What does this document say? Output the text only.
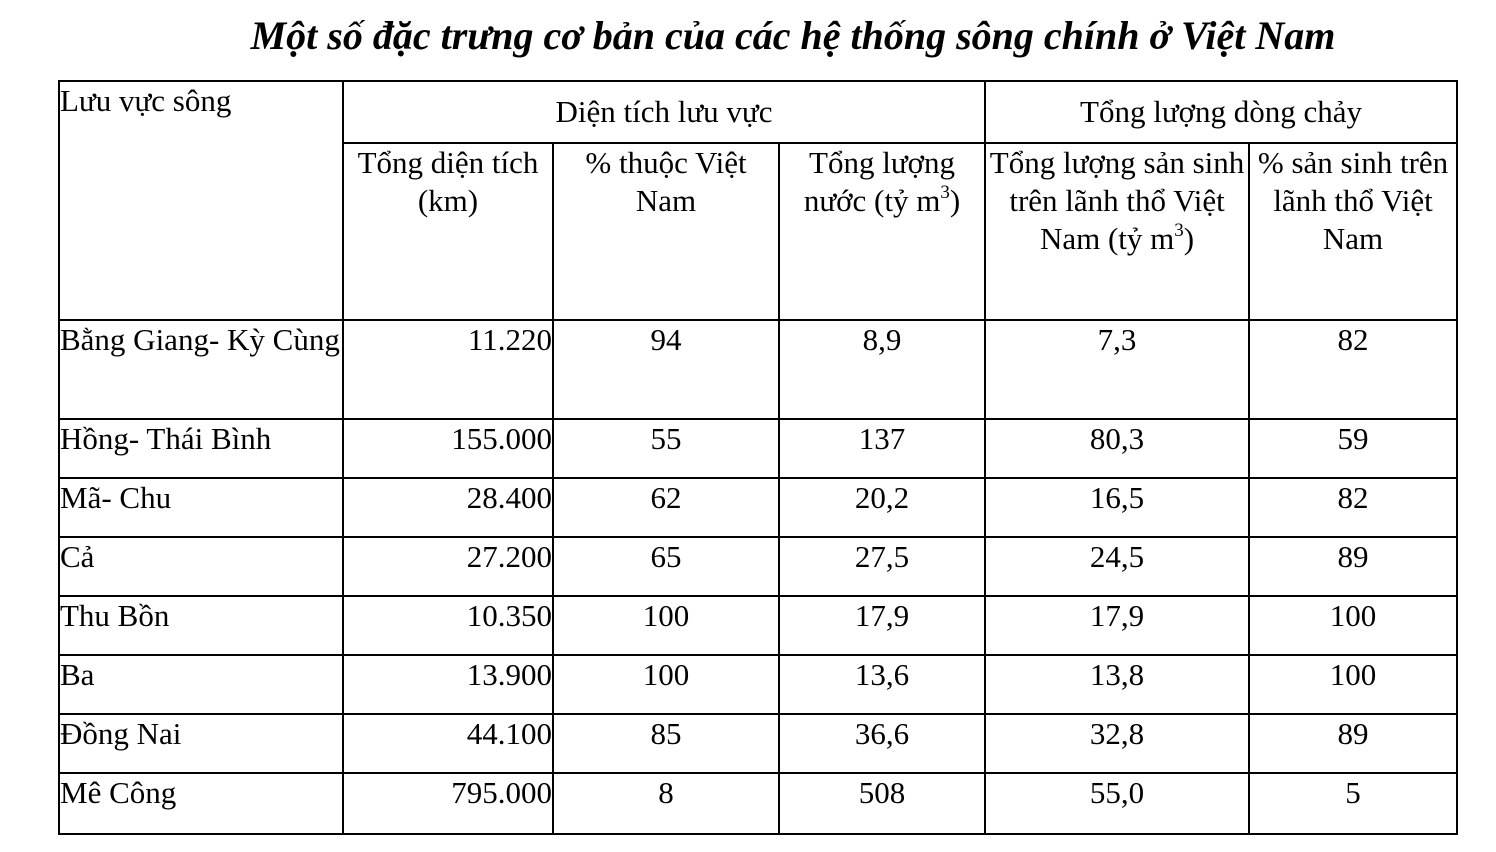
Một số đặc trưng cơ bản của các hệ thống sông chính ở Việt Nam
Lưu vực sông	Diện tích lưu vực			Tổng lượng dòng chảy	
	Tổng diện tích (km)	% thuộc Việt Nam	Tổng lượng nước (tỷ $m^3$)	Tổng lượng sản sinh trên lãnh thổ Việt Nam (tỷ $m^3$)	% sản sinh trên lãnh thổ Việt Nam
Bằng Giang- Kỳ Cùng	11.220	94	8,9	7,3	82
Hồng- Thái Bình	155.000	55	137	80,3	59
Mã- Chu	28.400	62	20,2	16,5	82
Cả	27.200	65	27,5	24,5	89
Thu Bồn	10.350	100	17,9	17,9	100
Ba	13.900	100	13,6	13,8	100
Đồng Nai	44.100	85	36,6	32,8	89
Mê Công	795.000	8	508	55,0	5
